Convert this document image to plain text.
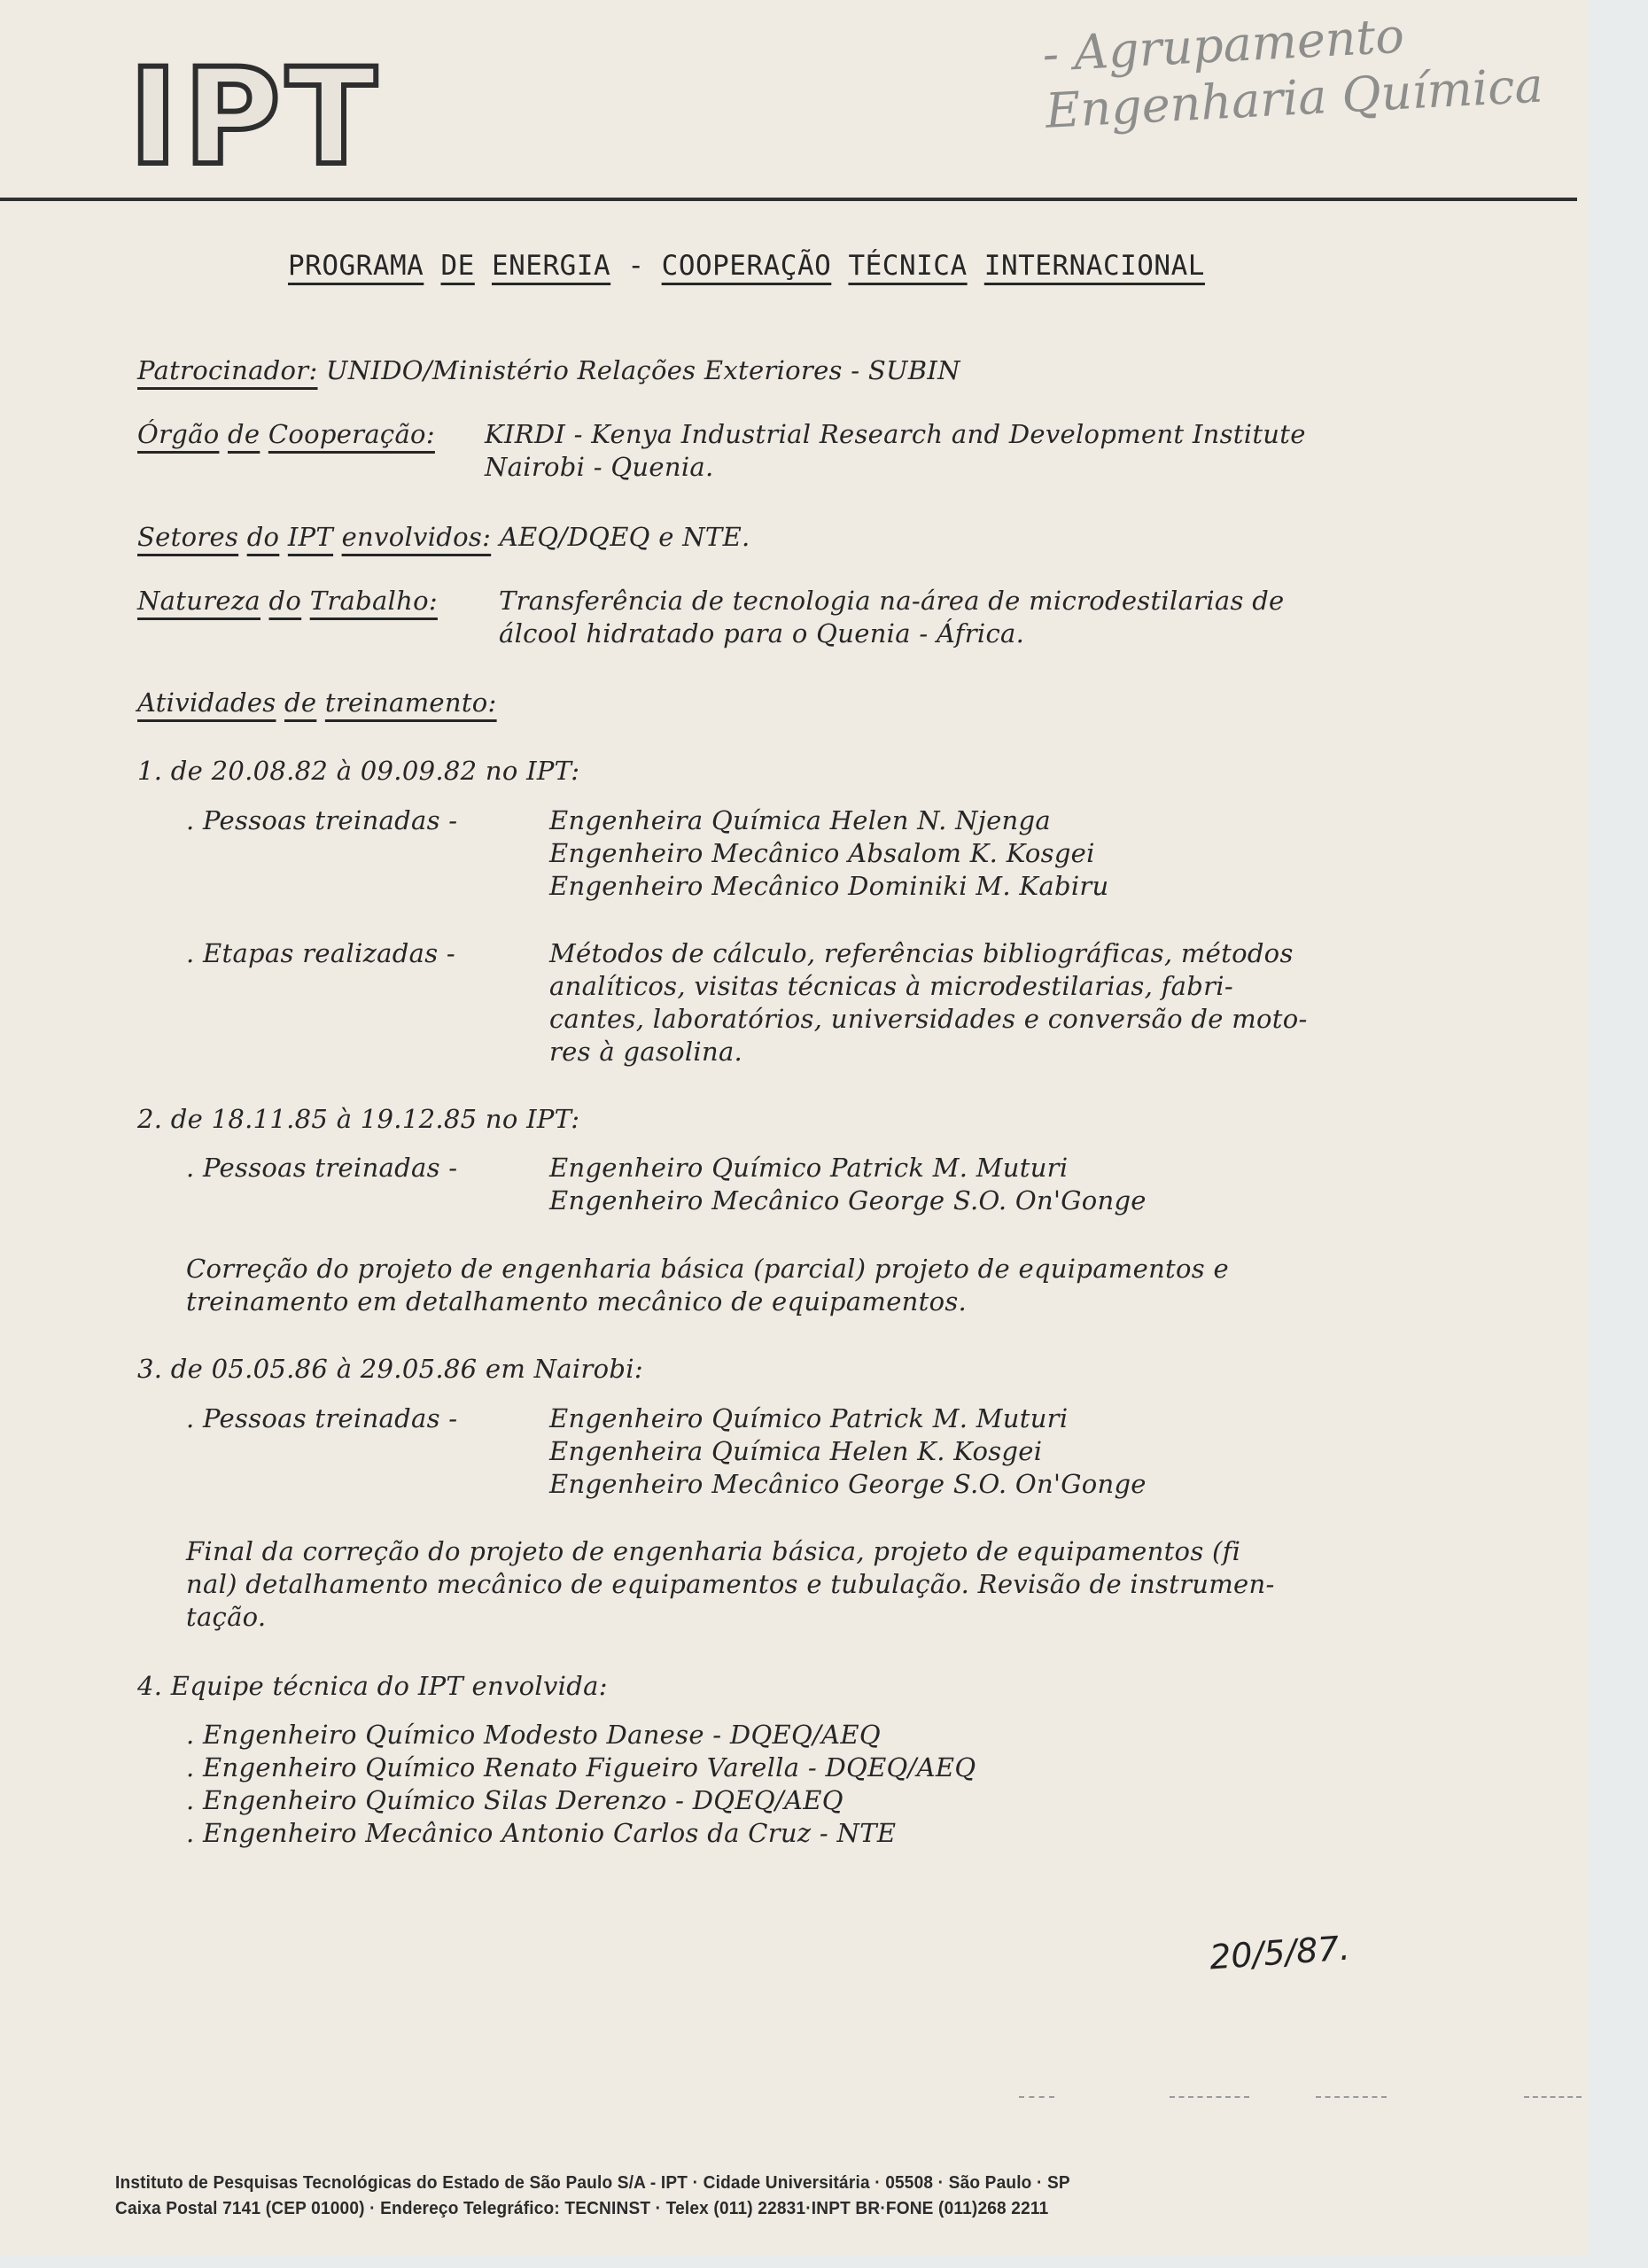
IPT	- Agrupamento Engenharia Química
PROGRAMA DE ENERGIA - COOPERAÇÃO TÉCNICA INTERNACIONAL
Patrocinador: UNIDO/Ministério Relações Exteriores - SUBIN
Órgão de Cooperação: KIRDI - Kenya Industrial Research and Development Institute
Nairobi - Quenia.
Setores do IPT envolvidos: AEQ/DQEQ e NTE.
Natureza do Trabalho: Transferência de tecnologia na-área de microdestilarias de
álcool hidratado para o Quenia - África.
Atividades de treinamento:
1. de 20.08.82 à 09.09.82 no IPT:
. Pessoas treinadas -	Engenheira Química Helen N. Njenga
Engenheiro Mecânico Absalom K. Kosgei
Engenheiro Mecânico Dominiki M. Kabiru
. Etapas realizadas -	Métodos de cálculo, referências bibliográficas, métodos
analíticos, visitas técnicas à microdestilarias, fabri-
cantes, laboratórios, universidades e conversão de moto-
res à gasolina.
2. de 18.11.85 à 19.12.85 no IPT:
. Pessoas treinadas -	Engenheiro Químico Patrick M. Muturi
Engenheiro Mecânico George S.O. On'Gonge
Correção do projeto de engenharia básica (parcial) projeto de equipamentos e
treinamento em detalhamento mecânico de equipamentos.
3. de 05.05.86 à 29.05.86 em Nairobi:
. Pessoas treinadas -	Engenheiro Químico Patrick M. Muturi
Engenheira Química Helen K. Kosgei
Engenheiro Mecânico George S.O. On'Gonge
Final da correção do projeto de engenharia básica, projeto de equipamentos (fi
nal) detalhamento mecânico de equipamentos e tubulação. Revisão de instrumen-
tação.
4. Equipe técnica do IPT envolvida:
. Engenheiro Químico Modesto Danese - DQEQ/AEQ
. Engenheiro Químico Renato Figueiro Varella - DQEQ/AEQ
. Engenheiro Químico Silas Derenzo - DQEQ/AEQ
. Engenheiro Mecânico Antonio Carlos da Cruz - NTE
20/5/87.
Instituto de Pesquisas Tecnológicas do Estado de São Paulo S/A - IPT · Cidade Universitária · 05508 · São Paulo · SP
Caixa Postal 7141 (CEP 01000) · Endereço Telegráfico: TECNINST · Telex (011) 22831·INPT BR·FONE (011)268 2211
